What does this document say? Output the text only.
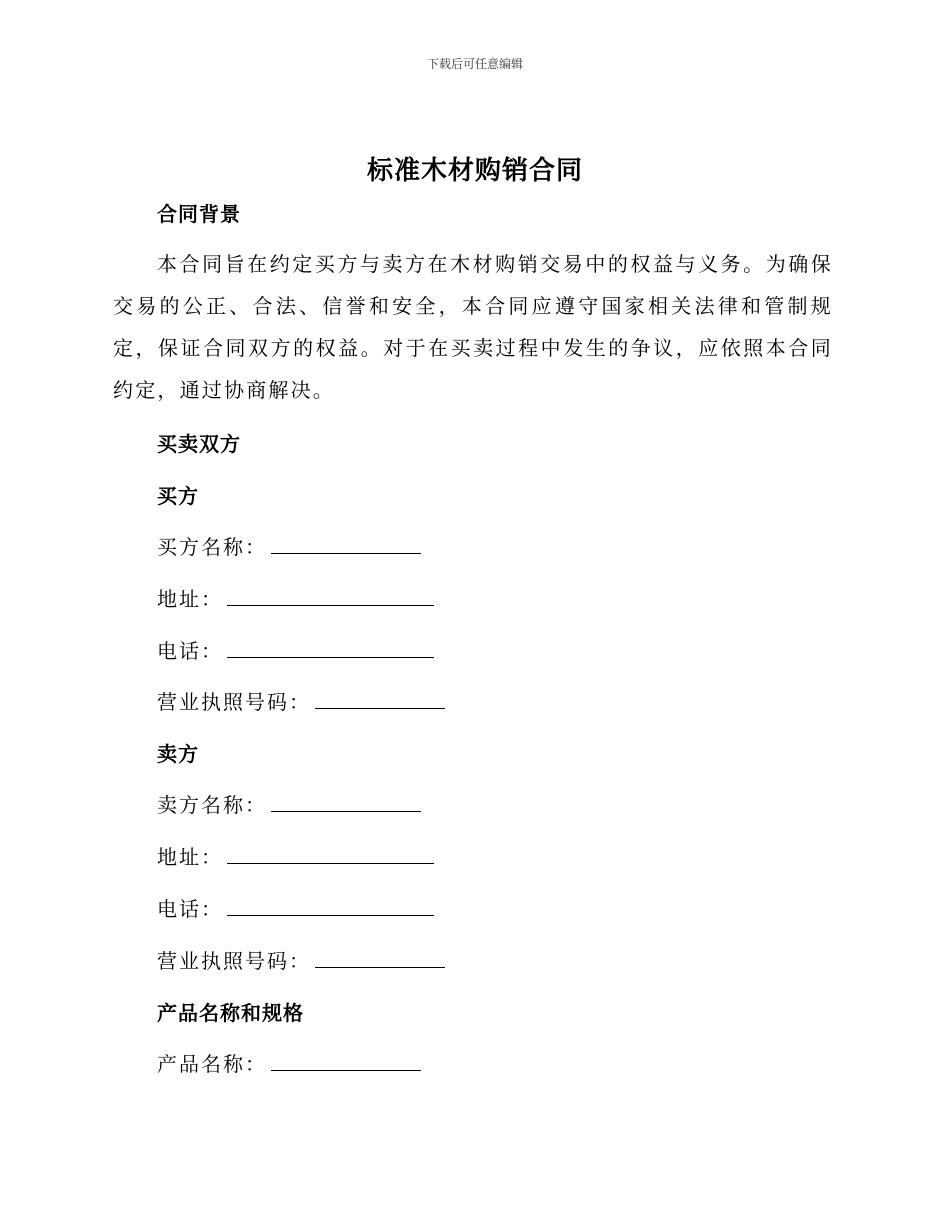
下载后可任意编辑
标准木材购销合同
合同背景
本合同旨在约定买方与卖方在木材购销交易中的权益与义务。为确保交易的公正、合法、信誉和安全，本合同应遵守国家相关法律和管制规定，保证合同双方的权益。对于在买卖过程中发生的争议，应依照本合同约定，通过协商解决。
买卖双方
买方
买方名称：
地址：
电话：
营业执照号码：
卖方
卖方名称：
地址：
电话：
营业执照号码：
产品名称和规格
产品名称：
